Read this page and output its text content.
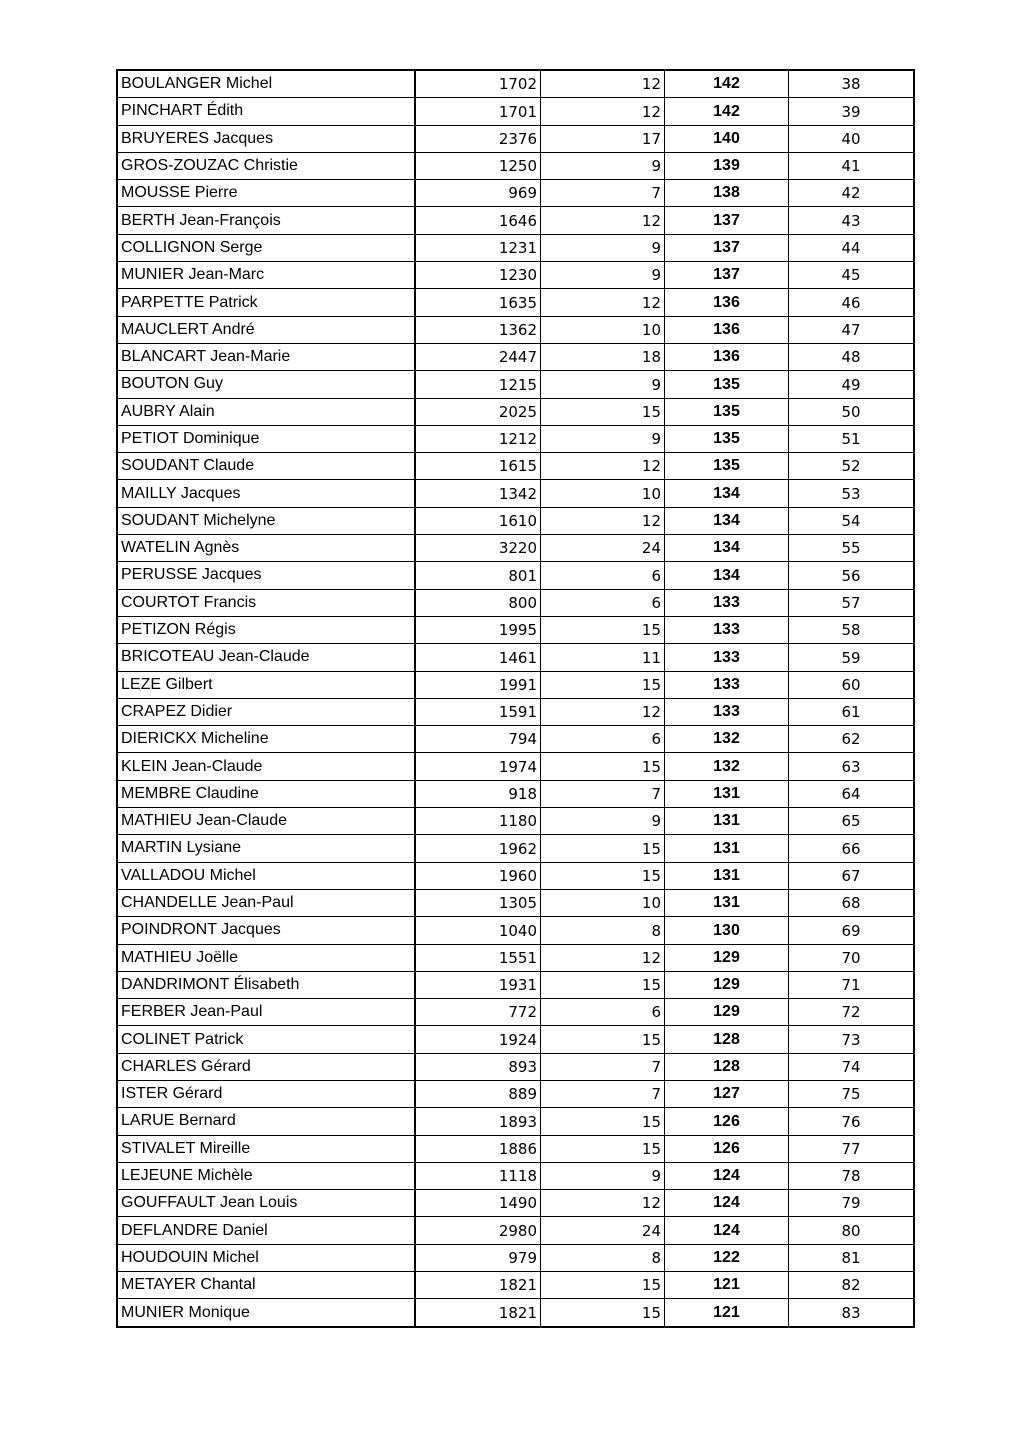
BOULANGER Michel	1702	12	142	38
PINCHART Édith	1701	12	142	39
BRUYERES Jacques	2376	17	140	40
GROS-ZOUZAC Christie	1250	9	139	41
MOUSSE Pierre	969	7	138	42
BERTH Jean-François	1646	12	137	43
COLLIGNON Serge	1231	9	137	44
MUNIER Jean-Marc	1230	9	137	45
PARPETTE Patrick	1635	12	136	46
MAUCLERT André	1362	10	136	47
BLANCART Jean-Marie	2447	18	136	48
BOUTON Guy	1215	9	135	49
AUBRY Alain	2025	15	135	50
PETIOT Dominique	1212	9	135	51
SOUDANT Claude	1615	12	135	52
MAILLY Jacques	1342	10	134	53
SOUDANT Michelyne	1610	12	134	54
WATELIN Agnès	3220	24	134	55
PERUSSE Jacques	801	6	134	56
COURTOT Francis	800	6	133	57
PETIZON Régis	1995	15	133	58
BRICOTEAU Jean-Claude	1461	11	133	59
LEZE Gilbert	1991	15	133	60
CRAPEZ Didier	1591	12	133	61
DIERICKX Micheline	794	6	132	62
KLEIN Jean-Claude	1974	15	132	63
MEMBRE Claudine	918	7	131	64
MATHIEU Jean-Claude	1180	9	131	65
MARTIN Lysiane	1962	15	131	66
VALLADOU Michel	1960	15	131	67
CHANDELLE Jean-Paul	1305	10	131	68
POINDRONT Jacques	1040	8	130	69
MATHIEU Joëlle	1551	12	129	70
DANDRIMONT Élisabeth	1931	15	129	71
FERBER Jean-Paul	772	6	129	72
COLINET Patrick	1924	15	128	73
CHARLES Gérard	893	7	128	74
ISTER Gérard	889	7	127	75
LARUE Bernard	1893	15	126	76
STIVALET Mireille	1886	15	126	77
LEJEUNE Michèle	1118	9	124	78
GOUFFAULT Jean Louis	1490	12	124	79
DEFLANDRE Daniel	2980	24	124	80
HOUDOUIN Michel	979	8	122	81
METAYER Chantal	1821	15	121	82
MUNIER Monique	1821	15	121	83
